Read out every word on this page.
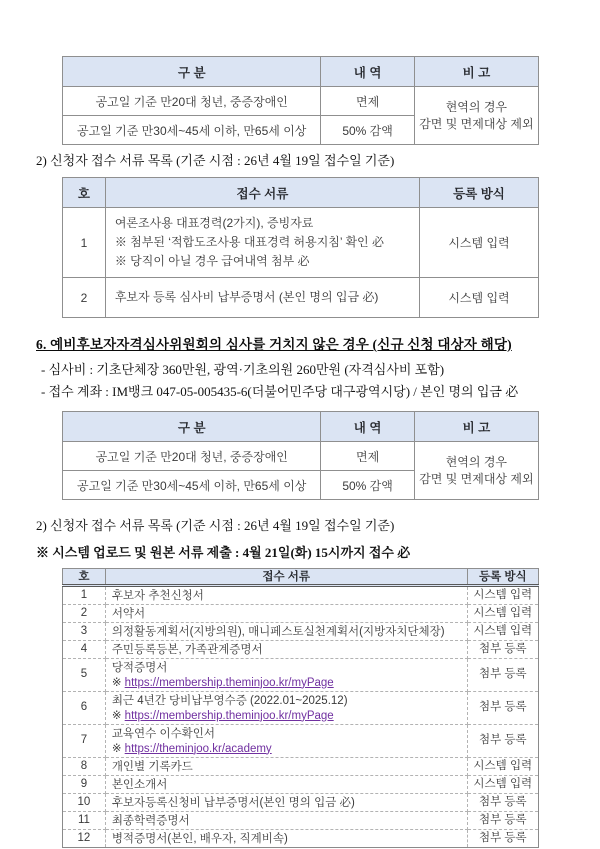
구 분	내 역	비 고
공고일 기준 만20대 청년, 중증장애인	면제	현역의 경우
감면 및 면제대상 제외

공고일 기준 만30세~45세 이하, 만65세 이상	50% 감액	
2) 신청자 접수 서류 목록 (기준 시점 : 26년 4월 19일 접수일 기준)
호	접수 서류	등록 방식
1	여론조사용 대표경력(2가지), 증빙자료
※ 첨부된 ‘적합도조사용 대표경력 허용지침’ 확인 必
※ 당직이 아닐 경우 급여내역 첨부 必	시스템 입력
2	후보자 등록 심사비 납부증명서 (본인 명의 입금 必)	시스템 입력
6. 예비후보자자격심사위원회의 심사를 거치지 않은 경우 (신규 신청 대상자 해당)
- 심사비 : 기초단체장 360만원, 광역·기초의원 260만원 (자격심사비 포함)
- 접수 계좌 : IM뱅크 047-05-005435-6(더불어민주당 대구광역시당) / 본인 명의 입금 必
구 분	내 역	비 고
공고일 기준 만20대 청년, 중증장애인	면제	현역의 경우
감면 및 면제대상 제외

공고일 기준 만30세~45세 이하, 만65세 이상	50% 감액	
2) 신청자 접수 서류 목록 (기준 시점 : 26년 4월 19일 접수일 기준)
※ 시스템 업로드 및 원본 서류 제출 : 4월 21일(화) 15시까지 접수 必
호	접수 서류	등록 방식
1	후보자 추천신청서	시스템 입력
2	서약서	시스템 입력
3	의정활동계획서(지방의원), 매니페스토실천계획서(지방자치단체장)	시스템 입력
4	주민등록등본, 가족관계증명서	첨부 등록
5	당적증명서
※ https://membership.theminjoo.kr/myPage	첨부 등록
6	최근 4년간 당비납부영수증 (2022.01~2025.12)
※ https://membership.theminjoo.kr/myPage	첨부 등록
7	교육연수 이수확인서
※ https://theminjoo.kr/academy	첨부 등록
8	개인별 기록카드	시스템 입력
9	본인소개서	시스템 입력
10	후보자등록신청비 납부증명서(본인 명의 입금 必)	첨부 등록
11	최종학력증명서	첨부 등록
12	병적증명서(본인, 배우자, 직계비속)	첨부 등록
